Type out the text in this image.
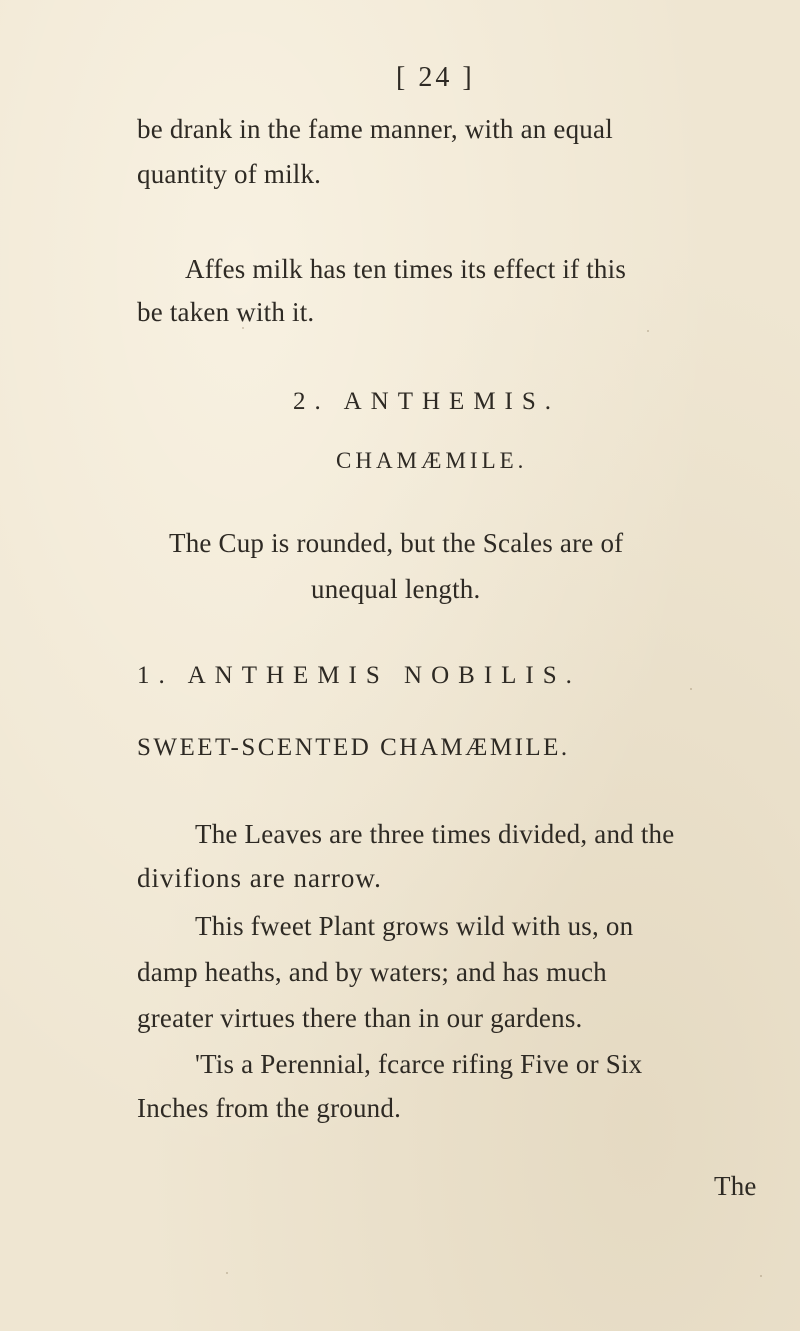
[ 24 ]
be drank in the fame manner, with an equal
quantity of milk.
Affes milk has ten times its effect if this
be taken with it.
2. ANTHEMIS.
CHAMÆMILE.
The Cup is rounded, but the Scales are of
unequal length.
1. ANTHEMIS NOBILIS.
SWEET-SCENTED CHAMÆMILE.
The Leaves are three times divided, and the
divifions are narrow.
This fweet Plant grows wild with us, on
damp heaths, and by waters; and has much
greater virtues there than in our gardens.
'Tis a Perennial, fcarce rifing Five or Six
Inches from the ground.
The
